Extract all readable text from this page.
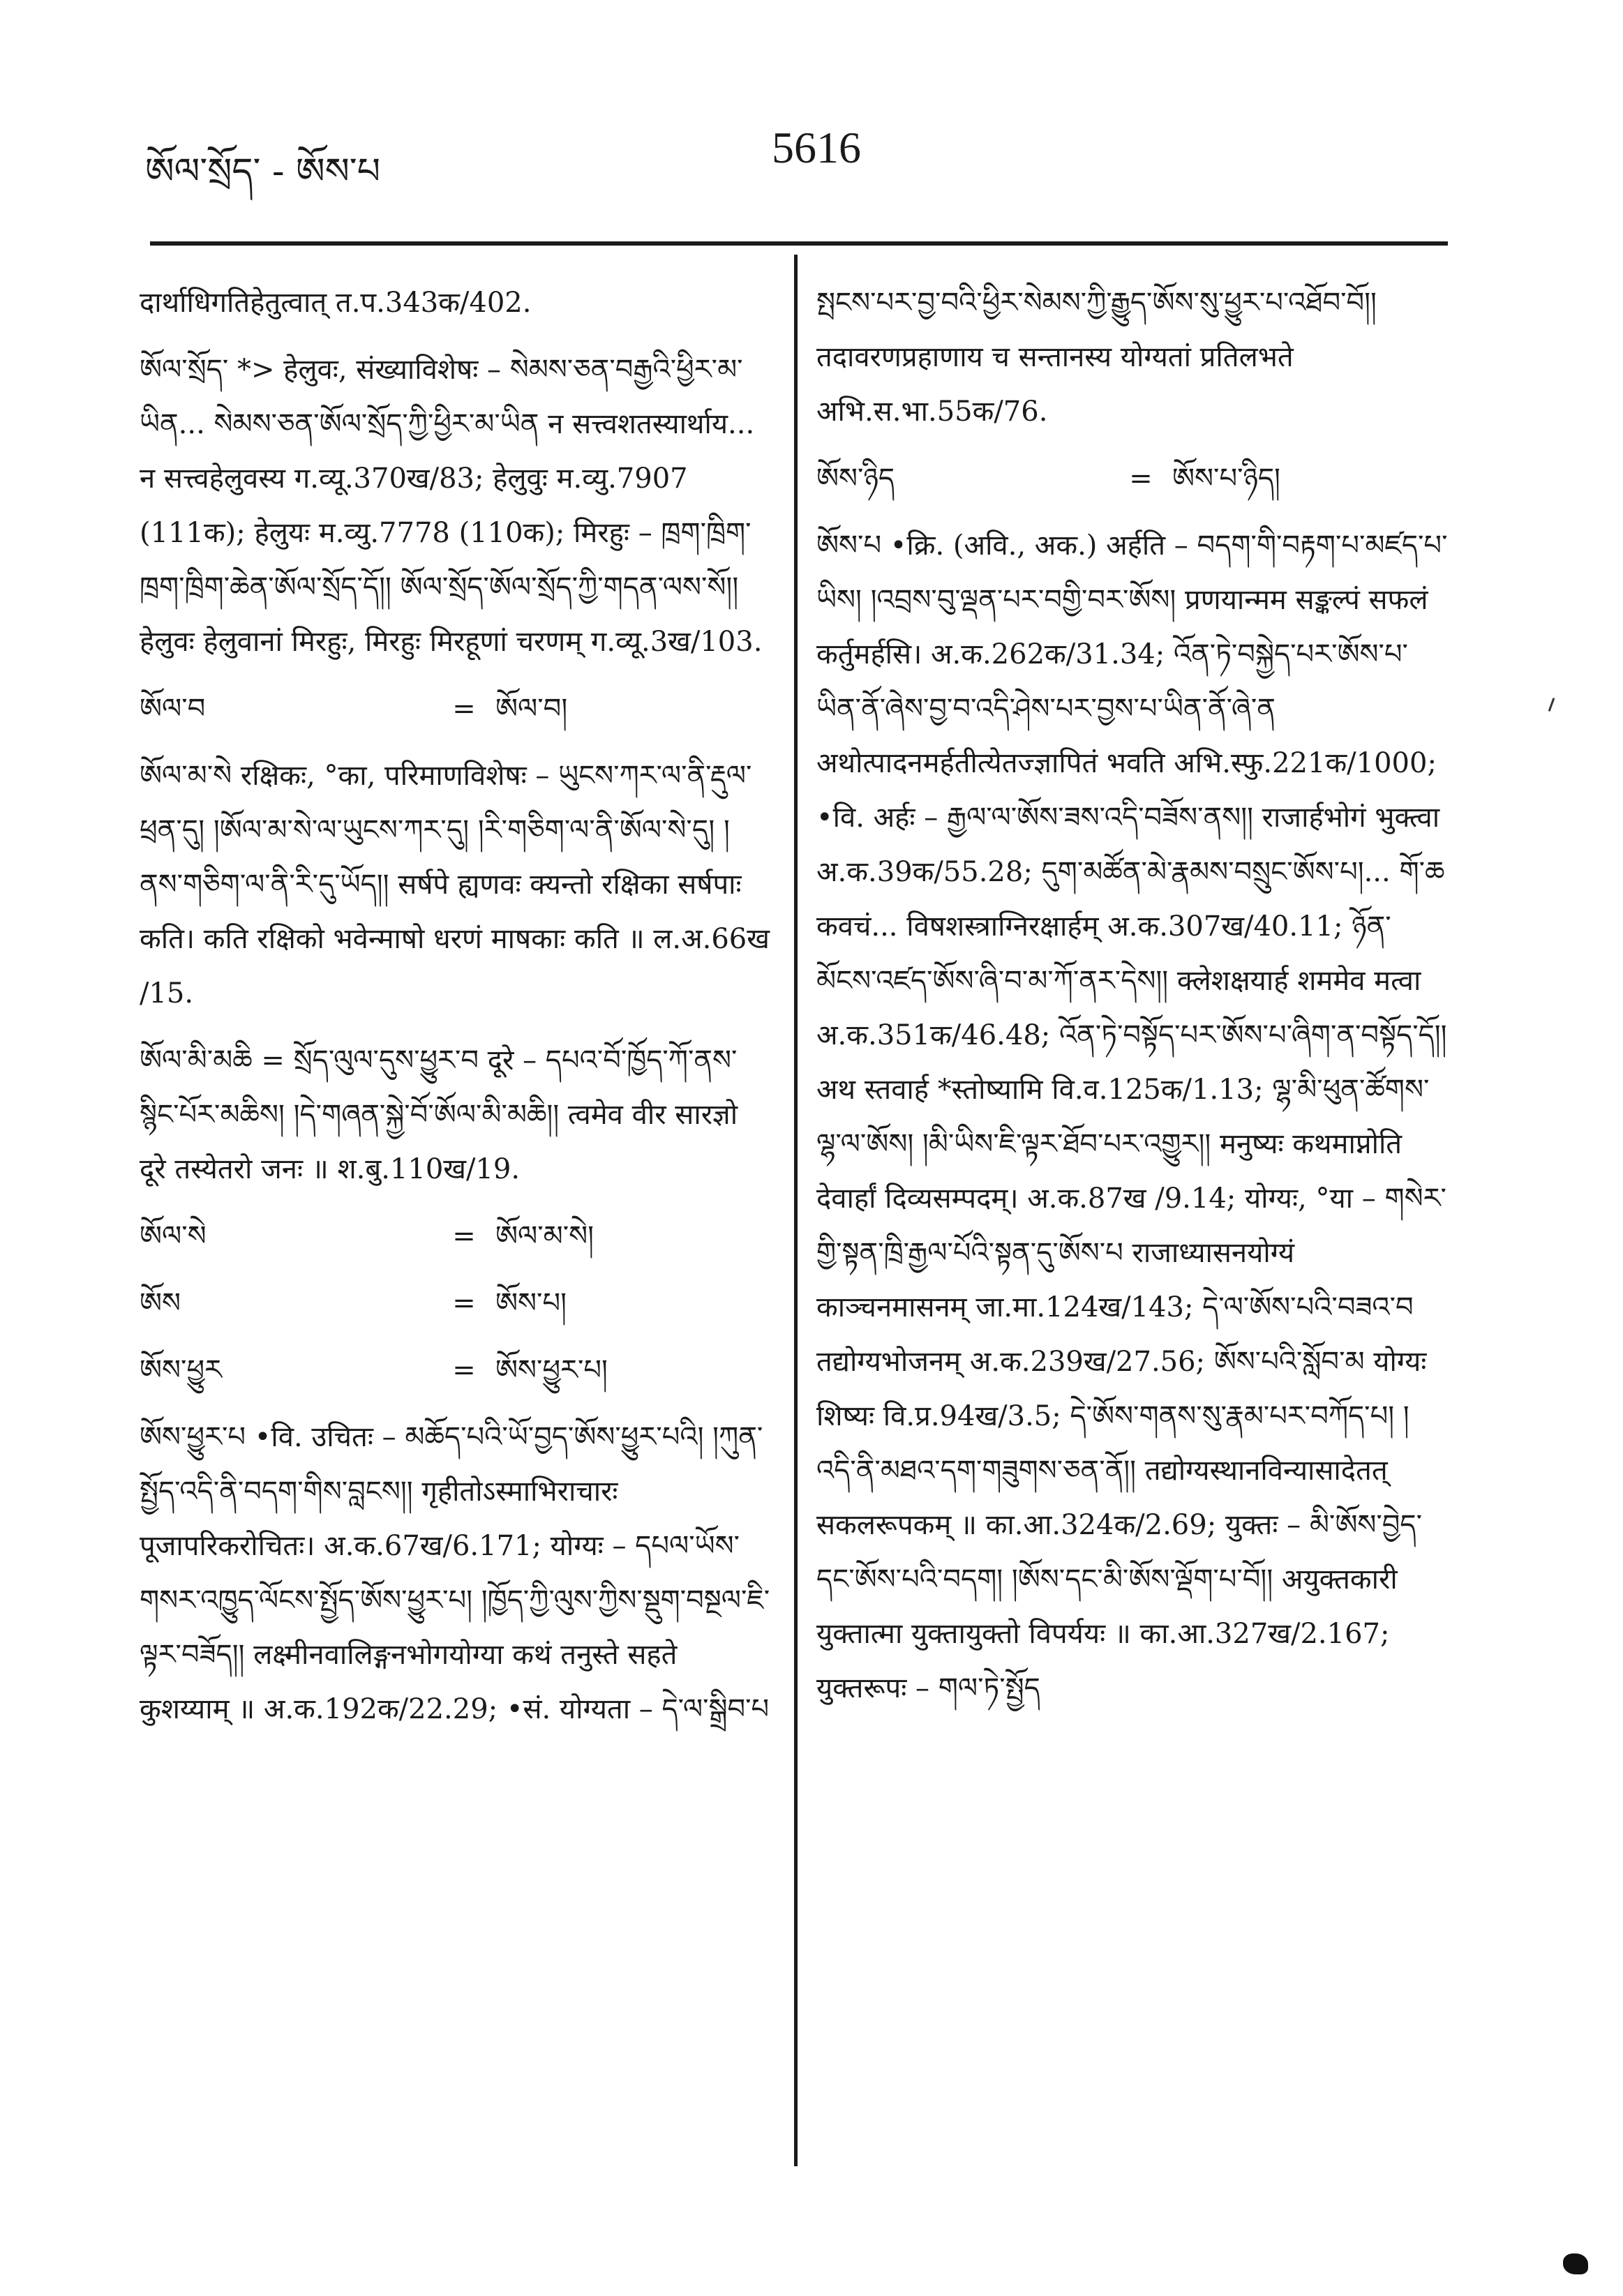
ཨོལ་སྲོད་ - ཨོས་པ	5616

दार्थाधिगतिहेतुत्वात् त.प.343क/402.

ཨོལ་སྲོད་ *> हेलुवः, संख्याविशेषः – སེམས་ཅན་བརྒྱའི་ཕྱིར་མ་ཡིན... སེམས་ཅན་ཨོལ་སྲོད་ཀྱི་ཕྱིར་མ་ཡིན न सत्त्वशतस्यार्थाय... न सत्त्वहेलुवस्य ग.व्यू.370ख/83; हेलुवुः म.व्यु.7907 (111क); हेलुयः म.व्यु.7778 (110क); मिरहुः – ཁྲག་ཁྲིག་ཁྲག་ཁྲིག་ཆེན་ཨོལ་སྲོད་དོ།། ཨོལ་སྲོད་ཨོལ་སྲོད་ཀྱི་གདན་ལས་སོ།། हेलुवः हेलुवानां मिरहुः, मिरहुः मिरहूणां चरणम् ग.व्यू.3ख/103.

ཨོལ་བ	= ཨོལ་བ།

ཨོལ་མ་སེ रक्षिकः, °का, परिमाणविशेषः – ཡུངས་ཀར་ལ་ནི་རྡུལ་ཕྲན་དུ། །ཨོལ་མ་སེ་ལ་ཡུངས་ཀར་དུ། །རི་གཅིག་ལ་ནི་ཨོལ་སེ་དུ། །ནས་གཅིག་ལ་ནི་རི་དུ་ཡོད།། सर्षपे ह्यणवः क्यन्तो रक्षिका सर्षपाः कति। कति रक्षिको भवेन्माषो धरणं माषकाः कति ॥ ल.अ.66ख /15.

ཨོལ་མི་མཆི = སྲོད་ལུལ་དུས་ཕྱུར་བ दूरे – དཔའ་བོ་ཁྱོད་ཀོ་ནས་སྙིང་པོར་མཆིས། །དེ་གཞན་སྐྱེ་བོ་ཨོལ་མི་མཆི།། त्वमेव वीर सारज्ञो दूरे तस्येतरो जनः ॥ श.बु.110ख/19.

ཨོལ་སེ	= ཨོལ་མ་སེ།
ཨོས	= ཨོས་པ།
ཨོས་ཕྱུར	= ཨོས་ཕྱུར་པ།

ཨོས་ཕྱུར་པ •वि. उचितः – མཆོད་པའི་ཡོ་བྱད་ཨོས་ཕྱུར་པའི། །ཀུན་སྤྱོད་འདི་ནི་བདག་གིས་བླངས།། गृहीतोऽस्माभिराचारः पूजापरिकरोचितः। अ.क.67ख/6.171; योग्यः – དཔལ་ཡོས་གསར་འཁྱུད་ལོངས་སྤྱོད་ཨོས་ཕྱུར་པ། །ཁྱོད་ཀྱི་ལུས་ཀྱིས་སྡུག་བསྔལ་ཇི་ལྟར་བཟོད།། लक्ष्मीनवालिङ्गनभोगयोग्या कथं तनुस्ते सहते कुशय्याम् ॥ अ.क.192क/22.29; •सं. योग्यता – དེ་ལ་སྒྲིབ་པ

སྤངས་པར་བྱ་བའི་ཕྱིར་སེམས་ཀྱི་རྒྱུད་ཨོས་སུ་ཕྱུར་པ་འཐོབ་བོ།། तदावरणप्रहाणाय च सन्तानस्य योग्यतां प्रतिलभते अभि.स.भा.55क/76.

ཨོས་ཉིད	= ཨོས་པ་ཉིད།

ཨོས་པ •क्रि. (अवि., अक.) अर्हति – བདག་གི་བརྟག་པ་མཛད་པ་ཡིས། །འབྲས་བུ་ལྡན་པར་བགྱི་བར་ཨོས། प्रणयान्मम सङ्कल्पं सफलं कर्तुमर्हसि। अ.क.262क/31.34; འོན་ཏེ་བསྐྱེད་པར་ཨོས་པ་ཡིན་ནོ་ཞེས་བྱ་བ་འདི་ཤེས་པར་བྱས་པ་ཡིན་ནོ་ཞེ་ན अथोत्पादनमर्हतीत्येतज्ज्ञापितं भवति अभि.स्फु.221क/1000; •वि. अर्हः – རྒྱལ་ལ་ཨོས་ཟས་འདི་བཟོས་ནས།། राजार्हभोगं भुक्त्वा अ.क.39क/55.28; དུག་མཚོན་མེ་རྣམས་བསྲུང་ཨོས་པ།... གོ་ཆ कवचं... विषशस्त्राग्निरक्षार्हम् अ.क.307ख/40.11; ཉོན་མོངས་འཛད་ཨོས་ཞི་བ་མ་ཀོ་ནར་དེས།། क्लेशक्षयार्ह शममेव मत्वा अ.क.351क/46.48; འོན་ཏེ་བསྟོད་པར་ཨོས་པ་ཞིག་ན་བསྟོད་དོ།། अथ स्तवार्ह *स्तोष्यामि वि.व.125क/1.13; ལྷ་མི་ཕུན་ཚོགས་ལྷ་ལ་ཨོས། །མི་ཡིས་ཇི་ལྟར་ཐོབ་པར་འགྱུར།། मनुष्यः कथमाप्नोति देवार्हां दिव्यसम्पदम्। अ.क.87ख /9.14; योग्यः, °या – གསེར་གྱི་སྟན་ཁྲི་རྒྱལ་པོའི་སྟན་དུ་ཨོས་པ राजाध्यासनयोग्यं काञ्चनमासनम् जा.मा.124ख/143; དེ་ལ་ཨོས་པའི་བཟའ་བ तद्योग्यभोजनम् अ.क.239ख/27.56; ཨོས་པའི་སློབ་མ योग्यः शिष्यः वि.प्र.94ख/3.5; དེ་ཨོས་གནས་སུ་རྣམ་པར་བཀོད་པ། །འདི་ནི་མཐའ་དག་གཟུགས་ཅན་ནོ།། तद्योग्यस्थानविन्यासादेतत् सकलरूपकम् ॥ का.आ.324क/2.69; युक्तः – མི་ཨོས་བྱེད་དང་ཨོས་པའི་བདག། །ཨོས་དང་མི་ཨོས་ལྡོག་པ་བོ།། अयुक्तकारी युक्तात्मा युक्तायुक्तो विपर्ययः ॥ का.आ.327ख/2.167; युक्तरूपः – གལ་ཏེ་སྤྱོད
